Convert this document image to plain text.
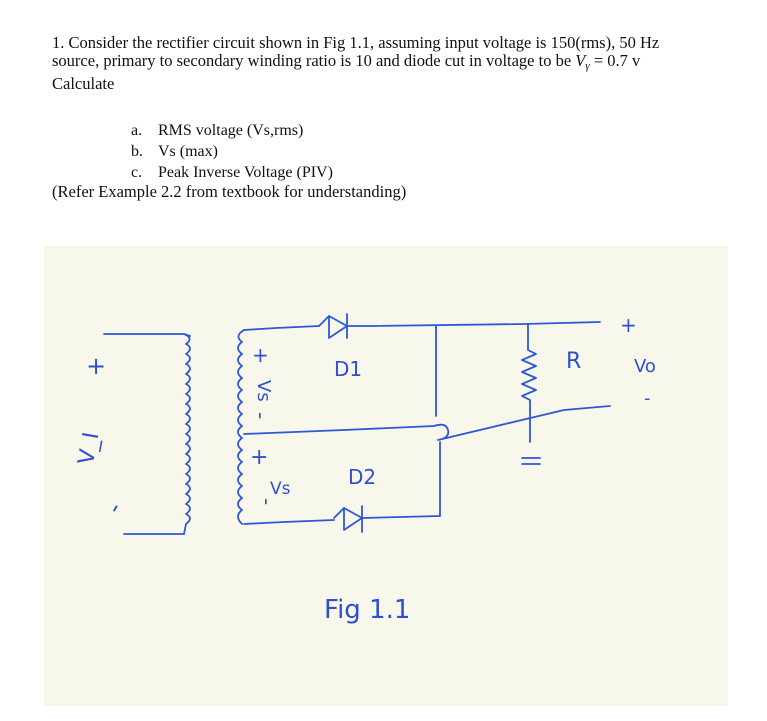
1. Consider the rectifier circuit shown in Fig 1.1, assuming input voltage is 150(rms), 50 Hz
source, primary to secondary winding ratio is 10 and diode cut in voltage to be $V_\gamma = 0.7$ v
Calculate
a. RMS voltage (Vs,rms)
b. Vs (max)
c. Peak Inverse Voltage (PIV)
(Refer Example 2.2 from textbook for understanding)
+
V_I
-
+
Vs
-
+
Vs
-
D1
D2
R
+
Vo
-
Fig 1.1
